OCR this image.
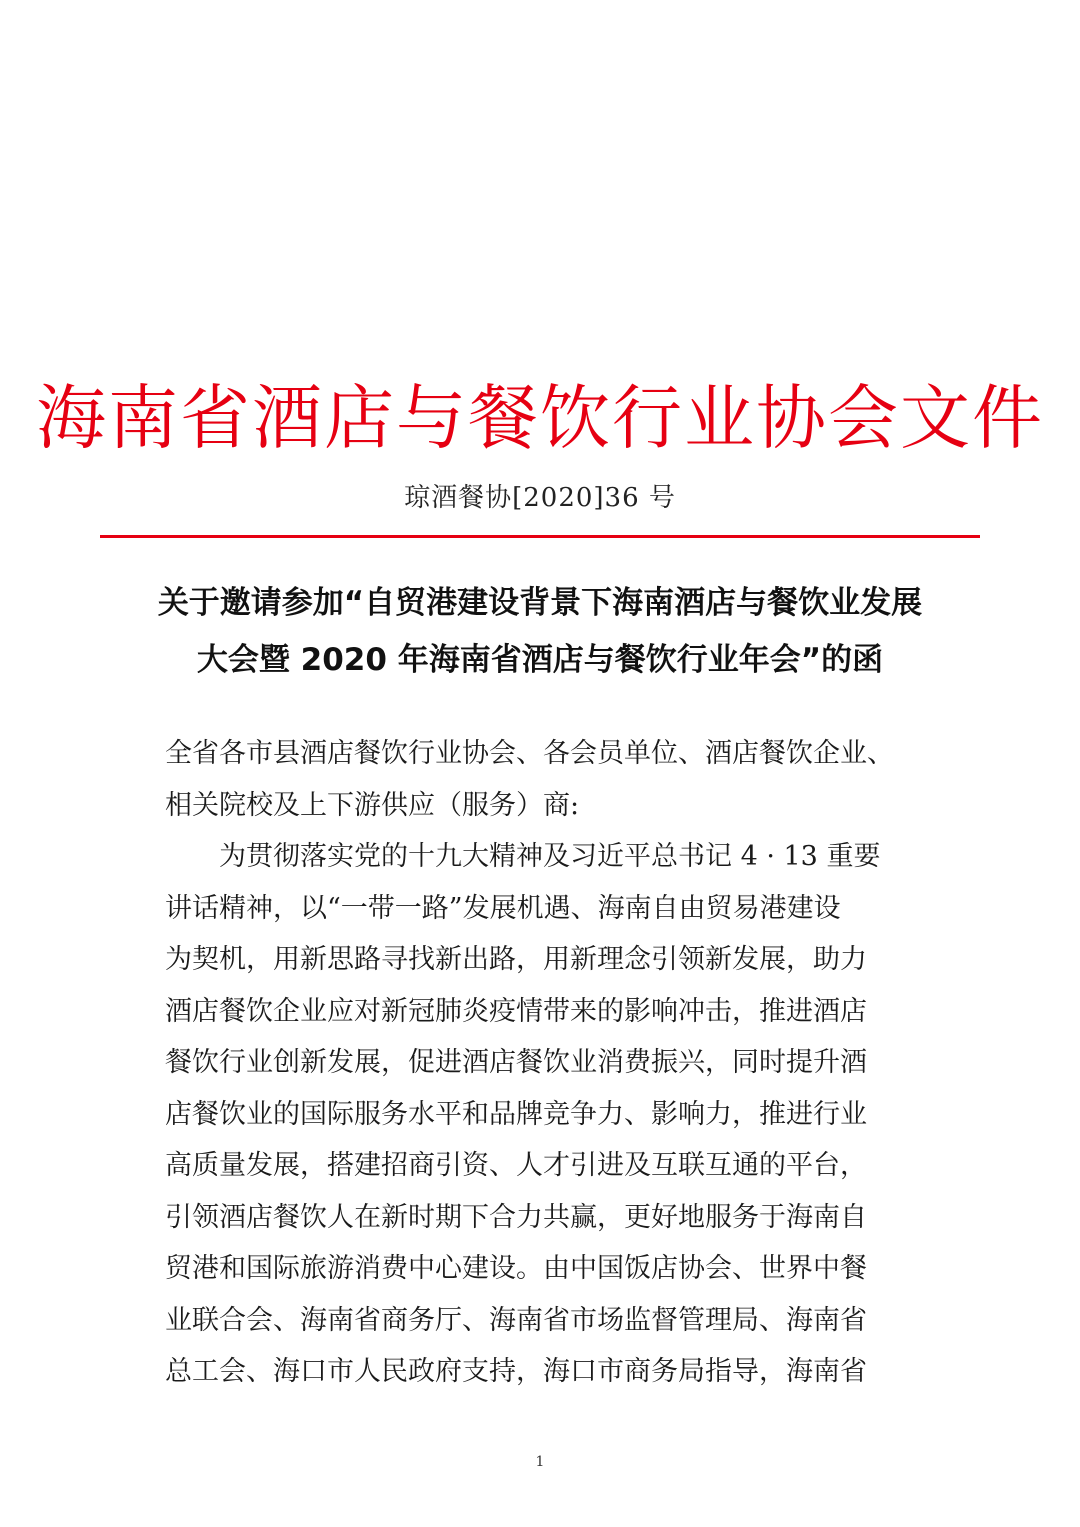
海南省酒店与餐饮行业协会文件
琼酒餐协[2020]36 号
关于邀请参加“自贸港建设背景下海南酒店与餐饮业发展
大会暨 2020 年海南省酒店与餐饮行业年会”的函
全省各市县酒店餐饮行业协会、各会员单位、酒店餐饮企业、
相关院校及上下游供应（服务）商:
为贯彻落实党的十九大精神及习近平总书记 4 · 13 重要
讲话精神，以“一带一路”发展机遇、海南自由贸易港建设
为契机，用新思路寻找新出路，用新理念引领新发展，助力
酒店餐饮企业应对新冠肺炎疫情带来的影响冲击，推进酒店
餐饮行业创新发展，促进酒店餐饮业消费振兴，同时提升酒
店餐饮业的国际服务水平和品牌竞争力、影响力，推进行业
高质量发展，搭建招商引资、人才引进及互联互通的平台，
引领酒店餐饮人在新时期下合力共赢，更好地服务于海南自
贸港和国际旅游消费中心建设。由中国饭店协会、世界中餐
业联合会、海南省商务厅、海南省市场监督管理局、海南省
总工会、海口市人民政府支持，海口市商务局指导，海南省
1
